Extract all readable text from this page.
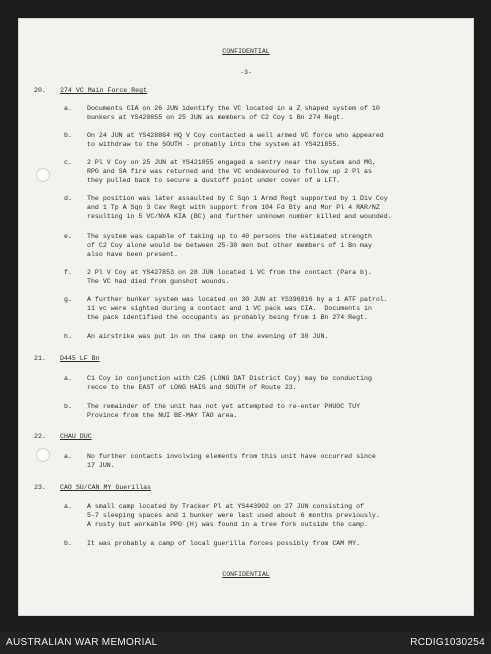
CONFIDENTIAL
-3-
20. 274 VC Main Force Regt
a. Documents CIA on 26 JUN identify the VC located in a Z shaped system of 10
bunkers at YS420855 on 25 JUN as members of C2 Coy 1 Bn 274 Regt.
b. On 24 JUN at YS428864 HQ V Coy contacted a well armed VC force who appeared
to withdraw to the SOUTH - probably into the system at YS421855.
c. 2 Pl V Coy on 25 JUN at YS421855 engaged a sentry near the system and MG,
RPG and SA fire was returned and the VC endeavoured to follow up 2 Pl as
they pulled back to secure a dustoff point under cover of a LFT.
d. The position was later assaulted by C Sqn 1 Armd Regt supported by 1 Div Coy
and 1 Tp A Sqn 3 Cav Regt with support from 104 Fd Bty and Mor Pl 4 RAR/NZ
resulting in 5 VC/NVA KIA (BC) and further unknown number killed and wounded.
e. The system was capable of taking up to 40 persons the estimated strength
of C2 Coy alone would be between 25-30 men but other members of 1 Bn may
also have been present.
f. 2 Pl V Coy at YS427853 on 28 JUN located 1 VC from the contact (Para b).
The VC had died from gunshot wounds.
g. A further bunker system was located on 30 JUN at YS396916 by a 1 ATF patrol.
11 vc were sighted during a contact and 1 VC pack was CIA.  Documents in
the pack identified the occupants as probably being from 1 Bn 274 Regt.
h. An airstrike was put in on the camp on the evening of 30 JUN.
21. D445 LF Bn
a. C1 Coy in conjunction with C25 (LONG DAT District Coy) may be conducting
recce to the EAST of LONG HAIS and SOUTH of Route 23.
b. The remainder of the unit has not yet attempted to re-enter PHUOC TUY
Province from the NUI BE-MAY TAO area.
22. CHAU DUC
a. No further contacts involving elements from this unit have occurred since
17 JUN.
23. CAO SU/CAN MY Guerillas
a. A small camp located by Tracker Pl at YS443902 on 27 JUN consisting of
5-7 sleeping spaces and 1 bunker were last used about 6 months previously.
A rusty but workable PPG (H) was found in a tree fork outside the camp.
b. It was probably a camp of local guerilla forces possibly from CAM MY.
CONFIDENTIAL
AUSTRALIAN WAR MEMORIAL	RCDIG1030254
